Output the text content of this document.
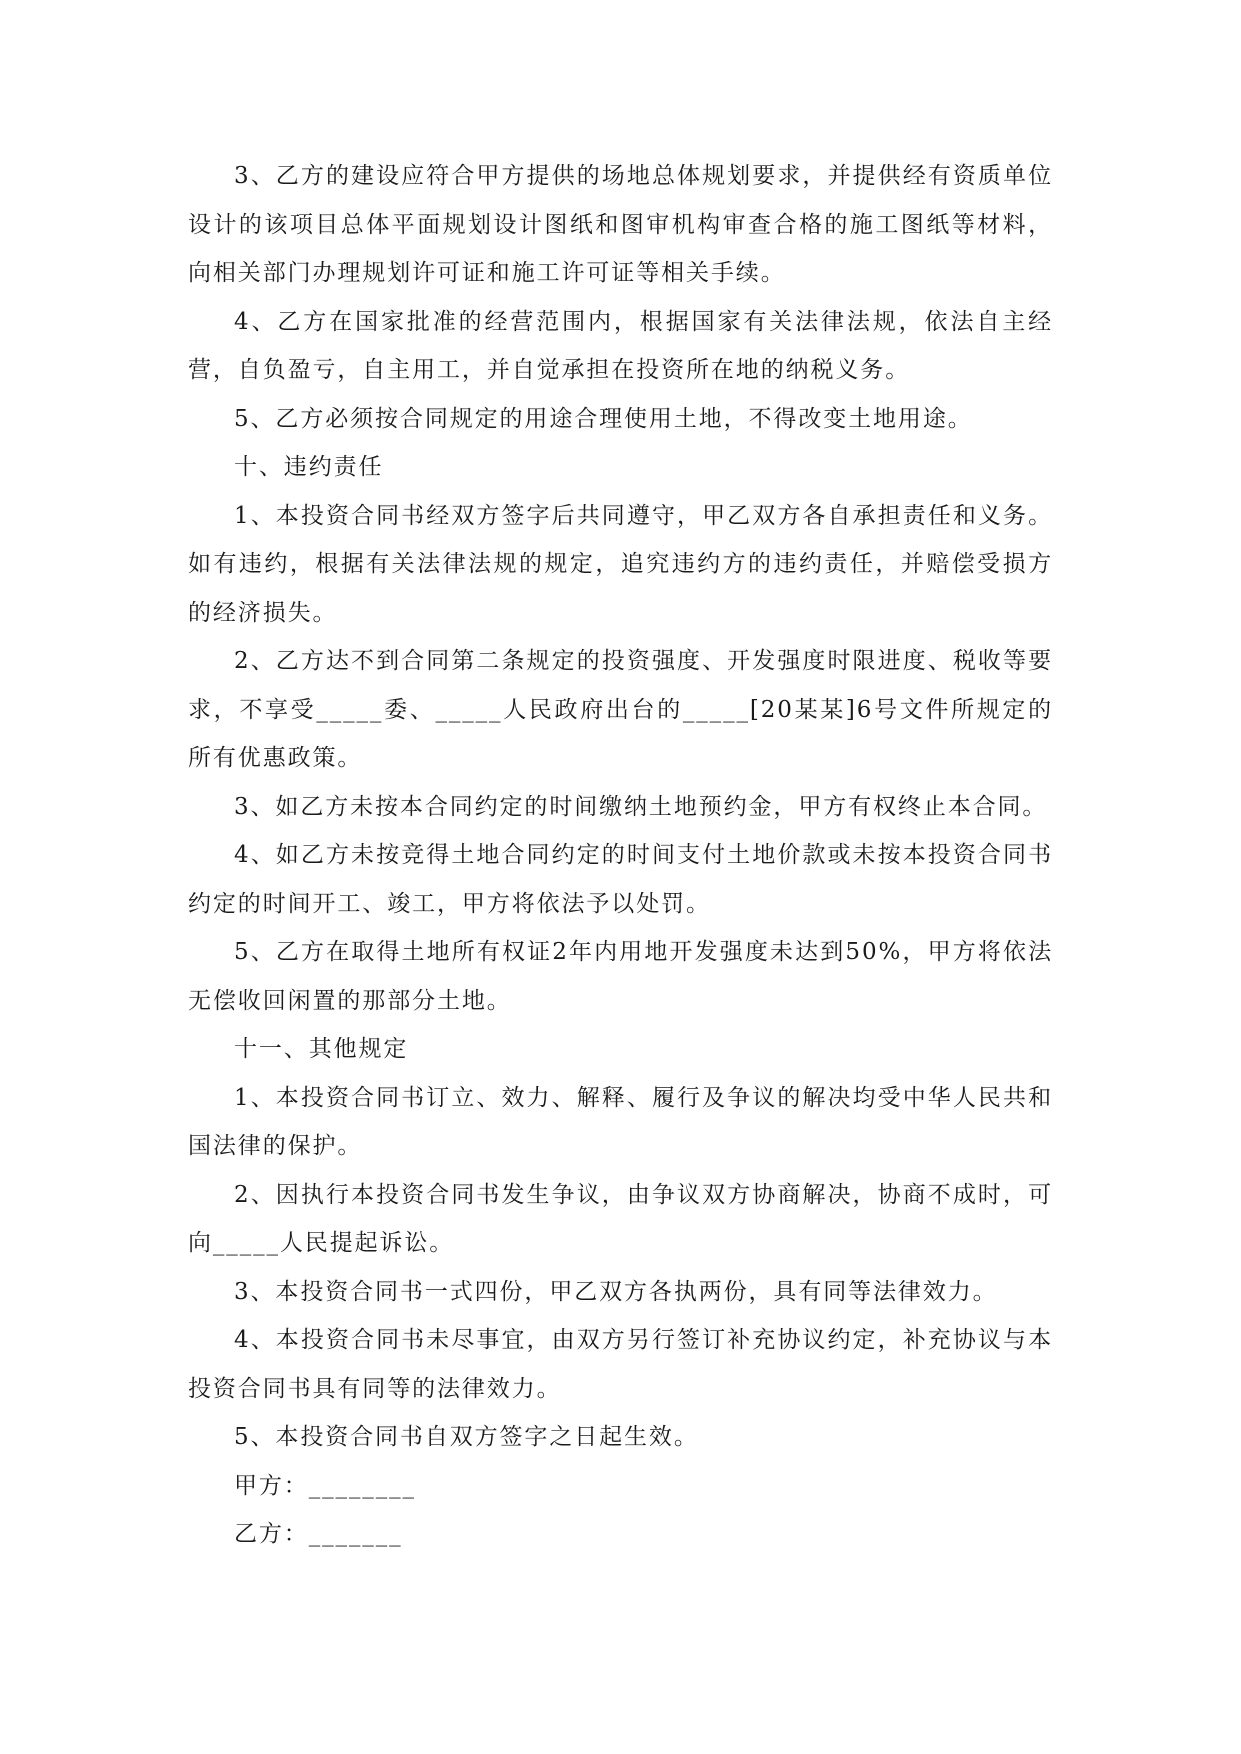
3、乙方的建设应符合甲方提供的场地总体规划要求，并提供经有资质单位设计的该项目总体平面规划设计图纸和图审机构审查合格的施工图纸等材料，向相关部门办理规划许可证和施工许可证等相关手续。

4、乙方在国家批准的经营范围内，根据国家有关法律法规，依法自主经营，自负盈亏，自主用工，并自觉承担在投资所在地的纳税义务。

5、乙方必须按合同规定的用途合理使用土地，不得改变土地用途。

十、违约责任

1、本投资合同书经双方签字后共同遵守，甲乙双方各自承担责任和义务。如有违约，根据有关法律法规的规定，追究违约方的违约责任，并赔偿受损方的经济损失。

2、乙方达不到合同第二条规定的投资强度、开发强度时限进度、税收等要求，不享受_____委、_____人民政府出台的_____[20某某]6号文件所规定的所有优惠政策。

3、如乙方未按本合同约定的时间缴纳土地预约金，甲方有权终止本合同。

4、如乙方未按竞得土地合同约定的时间支付土地价款或未按本投资合同书约定的时间开工、竣工，甲方将依法予以处罚。

5、乙方在取得土地所有权证2年内用地开发强度未达到50%，甲方将依法无偿收回闲置的那部分土地。

十一、其他规定

1、本投资合同书订立、效力、解释、履行及争议的解决均受中华人民共和国法律的保护。

2、因执行本投资合同书发生争议，由争议双方协商解决，协商不成时，可向_____人民提起诉讼。

3、本投资合同书一式四份，甲乙双方各执两份，具有同等法律效力。

4、本投资合同书未尽事宜，由双方另行签订补充协议约定，补充协议与本投资合同书具有同等的法律效力。

5、本投资合同书自双方签字之日起生效。

甲方：________

乙方：_______
